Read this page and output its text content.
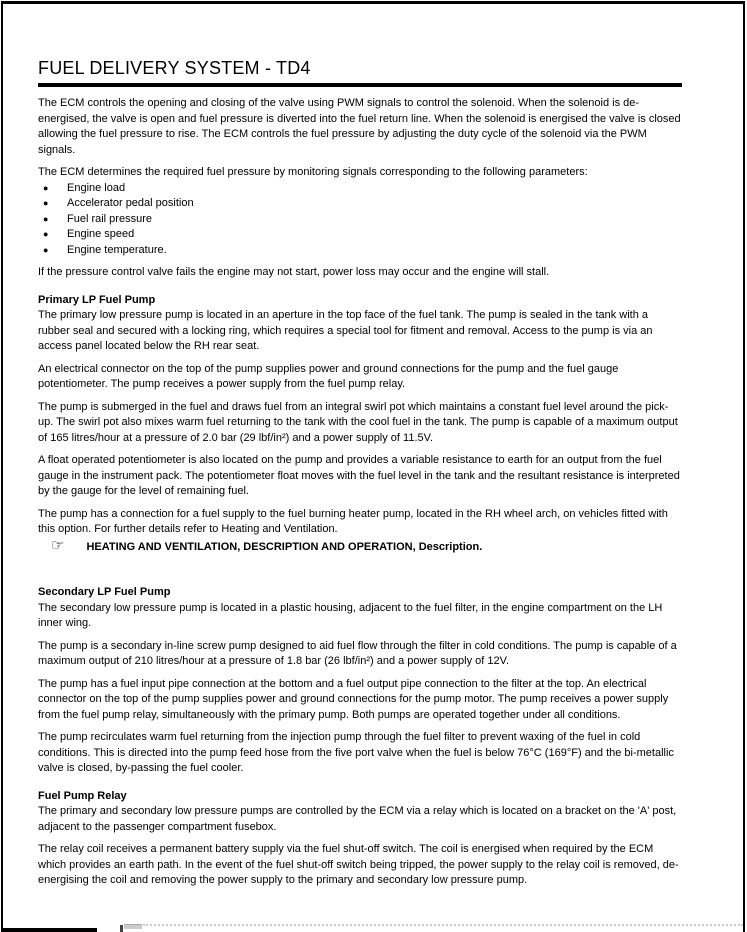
FUEL DELIVERY SYSTEM - TD4

The ECM controls the opening and closing of the valve using PWM signals to control the solenoid. When the solenoid is de-energised, the valve is open and fuel pressure is diverted into the fuel return line. When the solenoid is energised the valve is closed allowing the fuel pressure to rise. The ECM controls the fuel pressure by adjusting the duty cycle of the solenoid via the PWM signals.

The ECM determines the required fuel pressure by monitoring signals corresponding to the following parameters:

●	Engine load
●	Accelerator pedal position
●	Fuel rail pressure
●	Engine speed
●	Engine temperature.

If the pressure control valve fails the engine may not start, power loss may occur and the engine will stall.

Primary LP Fuel Pump

The primary low pressure pump is located in an aperture in the top face of the fuel tank. The pump is sealed in the tank with a rubber seal and secured with a locking ring, which requires a special tool for fitment and removal. Access to the pump is via an access panel located below the RH rear seat.

An electrical connector on the top of the pump supplies power and ground connections for the pump and the fuel gauge potentiometer. The pump receives a power supply from the fuel pump relay.

The pump is submerged in the fuel and draws fuel from an integral swirl pot which maintains a constant fuel level around the pick-up. The swirl pot also mixes warm fuel returning to the tank with the cool fuel in the tank. The pump is capable of a maximum output of 165 litres/hour at a pressure of 2.0 bar (29 lbf/in²) and a power supply of 11.5V.

A float operated potentiometer is also located on the pump and provides a variable resistance to earth for an output from the fuel gauge in the instrument pack. The potentiometer float moves with the fuel level in the tank and the resultant resistance is interpreted by the gauge for the level of remaining fuel.

The pump has a connection for a fuel supply to the fuel burning heater pump, located in the RH wheel arch, on vehicles fitted with this option. For further details refer to Heating and Ventilation.

☞ HEATING AND VENTILATION, DESCRIPTION AND OPERATION, Description.
Secondary LP Fuel Pump

The secondary low pressure pump is located in a plastic housing, adjacent to the fuel filter, in the engine compartment on the LH inner wing.

The pump is a secondary in-line screw pump designed to aid fuel flow through the filter in cold conditions. The pump is capable of a maximum output of 210 litres/hour at a pressure of 1.8 bar (26 lbf/in²) and a power supply of 12V.

The pump has a fuel input pipe connection at the bottom and a fuel output pipe connection to the filter at the top. An electrical connector on the top of the pump supplies power and ground connections for the pump motor. The pump receives a power supply from the fuel pump relay, simultaneously with the primary pump. Both pumps are operated together under all conditions.

The pump recirculates warm fuel returning from the injection pump through the fuel filter to prevent waxing of the fuel in cold conditions. This is directed into the pump feed hose from the five port valve when the fuel is below 76°C (169°F) and the bi-metallic valve is closed, by-passing the fuel cooler.

Fuel Pump Relay

The primary and secondary low pressure pumps are controlled by the ECM via a relay which is located on a bracket on the 'A' post, adjacent to the passenger compartment fusebox.

The relay coil receives a permanent battery supply via the fuel shut-off switch. The coil is energised when required by the ECM which provides an earth path. In the event of the fuel shut-off switch being tripped, the power supply to the relay coil is removed, de-energising the coil and removing the power supply to the primary and secondary low pressure pump.
